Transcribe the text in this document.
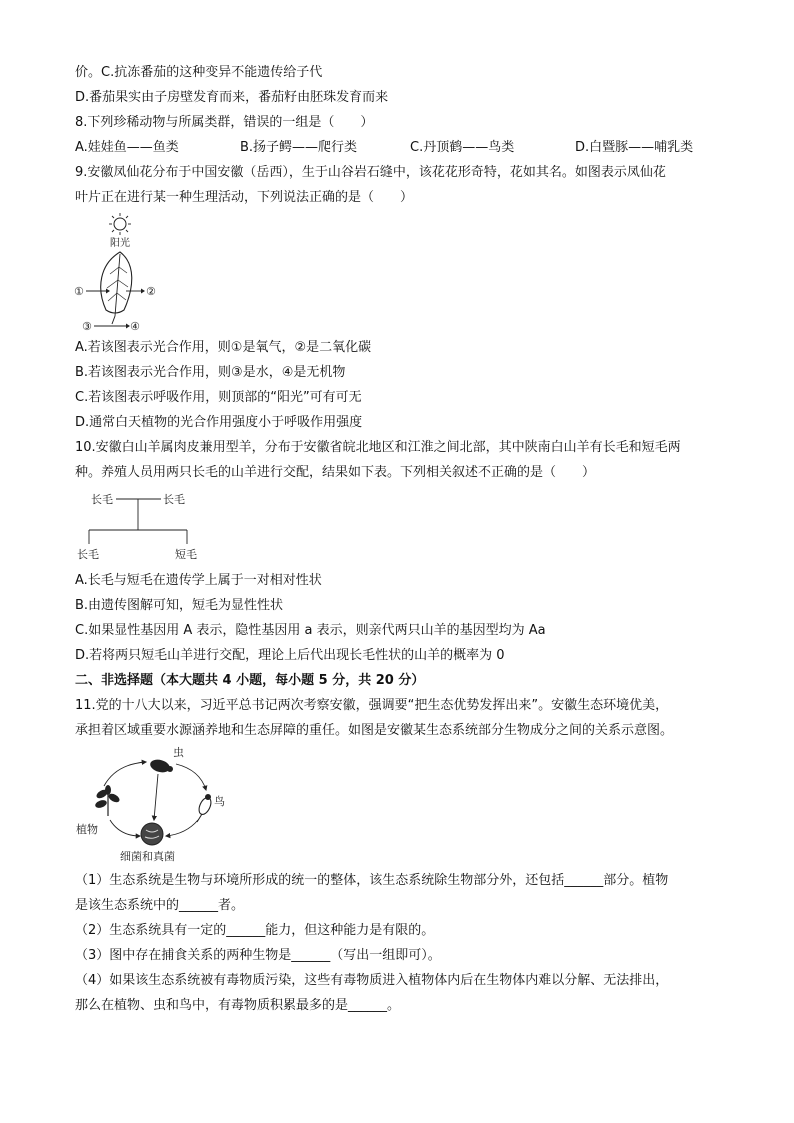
价。C.抗冻番茄的这种变异不能遗传给子代
D.番茄果实由子房壁发育而来，番茄籽由胚珠发育而来
8.下列珍稀动物与所属类群，错误的一组是（　　）
A.娃娃鱼——鱼类	B.扬子鳄——爬行类	C.丹顶鹤——鸟类	D.白暨豚——哺乳类
9.安徽凤仙花分布于中国安徽（岳西），生于山谷岩石缝中，该花花形奇特，花如其名。如图表示凤仙花
叶片正在进行某一种生理活动，下列说法正确的是（　　）
阳光
①	②
③	④
A.若该图表示光合作用，则①是氧气，②是二氧化碳
B.若该图表示光合作用，则③是水，④是无机物
C.若该图表示呼吸作用，则顶部的“阳光”可有可无
D.通常白天植物的光合作用强度小于呼吸作用强度
10.安徽白山羊属肉皮兼用型羊，分布于安徽省皖北地区和江淮之间北部，其中陕南白山羊有长毛和短毛两
种。养殖人员用两只长毛的山羊进行交配，结果如下表。下列相关叙述不正确的是（　　）
长毛	长毛
长毛	短毛
A.长毛与短毛在遗传学上属于一对相对性状
B.由遗传图解可知，短毛为显性性状
C.如果显性基因用 A 表示，隐性基因用 a 表示，则亲代两只山羊的基因型均为 Aa
D.若将两只短毛山羊进行交配，理论上后代出现长毛性状的山羊的概率为 0
二、非选择题（本大题共 4 小题，每小题 5 分，共 20 分）
11.党的十八大以来，习近平总书记两次考察安徽，强调要“把生态优势发挥出来”。安徽生态环境优美，
承担着区域重要水源涵养地和生态屏障的重任。如图是安徽某生态系统部分生物成分之间的关系示意图。
虫
植物
鸟
细菌和真菌
（1）生态系统是生物与环境所形成的统一的整体，该生态系统除生物部分外，还包括______部分。植物
是该生态系统中的______者。
（2）生态系统具有一定的______能力，但这种能力是有限的。
（3）图中存在捕食关系的两种生物是______（写出一组即可）。
（4）如果该生态系统被有毒物质污染，这些有毒物质进入植物体内后在生物体内难以分解、无法排出，
那么在植物、虫和鸟中，有毒物质积累最多的是______。
